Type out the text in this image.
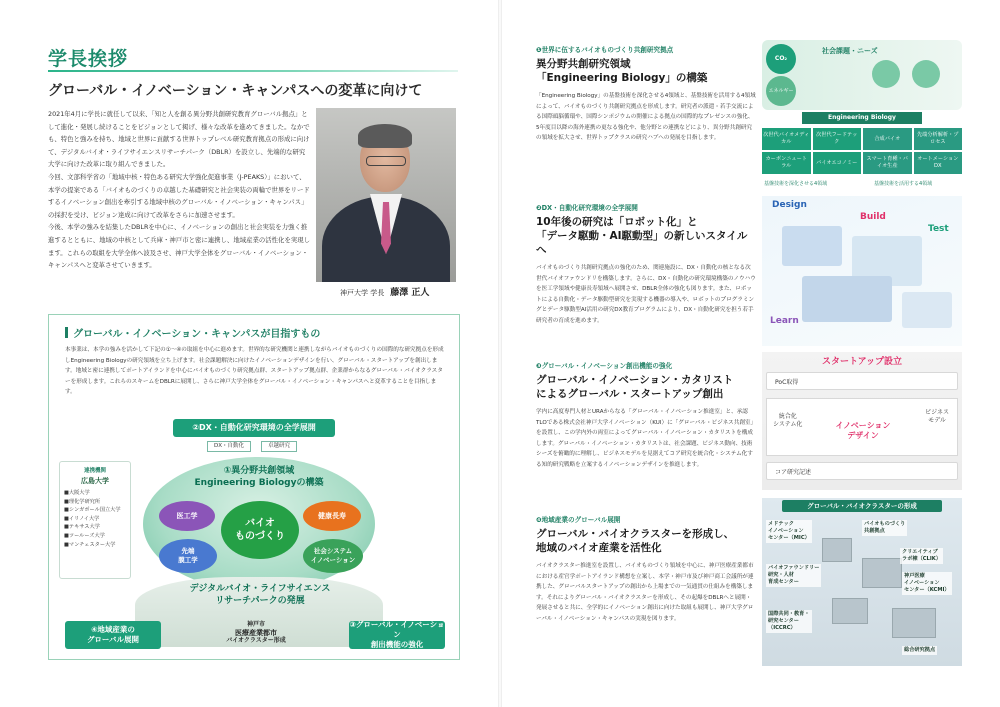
学長挨拶
グローバル・イノベーション・キャンパスへの変革に向けて

2021年4月に学長に就任して以来、「知と人を創る異分野共創研究教育グローバル拠点」として進化・発展し続けることをビジョンとして掲げ、様々な改革を進めてきました。なかでも、特色と強みを持ち、地域と世界に貢献する世界トップレベル研究教育拠点の形成に向けて、デジタルバイオ・ライフサイエンスリサーチパーク（DBLR）を設立し、先端的な研究大学に向けた改革に取り組んできました。

今回、文部科学省の「地域中核・特色ある研究大学強化促進事業（J-PEAKS）」において、本学の提案である「バイオものづくりの卓越した基礎研究と社会実装の両輪で世界をリードするイノベーション創出を牽引する地域中核のグローバル・イノベーション・キャンパス」の採択を受け、ビジョン達成に向けて改革をさらに加速させます。

今後、本学の強みを結集したDBLRを中心に、イノベーションの創出と社会実装を力強く推進するとともに、地域の中核として兵庫・神戸市と密に連携し、地域産業の活性化を実現します。これらの取組を大学全体へ波及させ、神戸大学全体をグローバル・イノベーション・キャンパスへと変革させていきます。

神戸大学 学長 藤澤 正人
グローバル・イノベーション・キャンパスが目指すもの
本事業は、本学の強みを活かして下記の①～④の取組を中心に進めます。世界的な研究機関と連携しながらバイオものづくりの国際的な研究拠点を形成しEngineering Biologyの研究領域を立ち上げます。社会課題解決に向けたイノベーションデザインを行い、グローバル・スタートアップを創出します。地域と密に連携してポートアイランドを中心にバイオものづくり研究拠点群、スタートアップ拠点群、企業群からなるグローバル・バイオクラスターを形成します。これらのスキームをDBLRに展開し、さらに神戸大学全体をグローバル・イノベーション・キャンパスへと変革することを目指します。
②DX・自動化研究環境の全学展開
DX・自動化	卓越研究
①異分野共創領域
Engineering Biologyの構築
医工学	健康長寿
先端
膜工学
社会システム
イノベーション
バイオ
ものづくり
デジタルバイオ・ライフサイエンス
リサーチパークの発展
④地域産業の
グローバル展開
③グローバル・イノベーション
創出機能の強化
神戸市
医療産業都市
バイオクラスター形成
連携機関
広島大学
■大阪大学
■理化学研究所
■シンガポール国立大学
■イリノイ大学
■テキサス大学
■ツールーズ大学
■マンチェスター大学
❶世界に伍するバイオものづくり共創研究拠点
異分野共創研究領域
「Engineering Biology」の構築
「Engineering Biology」の基盤技術を深化させる4領域と、基盤技術を活用する4領域によって、バイオものづくり共創研究拠点を形成します。研究者の派遣・若手交流による国際頭脳循環や、国際シンポジウムの開催による拠点の国際的なプレゼンスの強化、5年度目以降の海外連携の更なる強化や、他分野との連携などにより、異分野共創研究の領域を拡大させ、世界トップクラスの研究ハブへの発展を目指します。
❷DX・自動化研究環境の全学展開
10年後の研究は「ロボット化」と
「データ駆動・AI駆動型」の新しいスタイルへ
バイオものづくり共創研究拠点の強化のため、関連施設に、DX・自動化の核となる次世代バイオファウンドリを構築します。さらに、DX・自動化の研究環境構築のノウハウを医工学領域や健康長寿領域へ展開させ、DBLR全体の強化も図ります。また、ロボットによる自動化・データ駆動型研究を実現する機器の導入や、ロボットのプログラミングとデータ駆動型AI活用の研究DX教育プログラムにより、DX・自動化研究を担う若手研究者の育成を進めます。
❸グローバル・イノベーション創出機能の強化
グローバル・イノベーション・カタリスト
によるグローバル・スタートアップ創出
学内に高度専門人材とURAからなる「グローバル・イノベーション推進室」と、承認TLOである株式会社神戸大学イノベーション（KUI）に「グローバル・ビジネス共創室」を設置し、この学内外の両室によってグローバル・イノベーション・カタリストを構成します。グローバル・イノベーション・カタリストは、社会課題、ビジネス動向、技術シーズを俯瞰的に理解し、ビジネスモデルを見据えてコア研究を統合化・システム化する知的研究戦略を立案するイノベーションデザインを推進します。
❹地域産業のグローバル展開
グローバル・バイオクラスターを形成し、
地域のバイオ産業を活性化
バイオクラスター推進室を設置し、バイオものづくり領域を中心に、神戸医療産業都市における産官学ポートアイランド構想を立案し、本学・神戸市及び神戸商工会議所が連携した、グローバルスタートアップの創出から上場までの一気通貫の仕組みを構築します。それによりグローバル・バイオクラスターを形成し、その起爆をDBLRへと展開・発展させると共に、全学的にイノベーション創出に向けた取組も展開し、神戸大学グローバル・イノベーション・キャンパスの実現を図ります。
CO₂
エネルギー
社会課題・ニーズ
Engineering Biology
次世代バイオメディカル
次世代フードテック
合成バイオ
先端分析解析・プロセス
カーボンニュートラル
バイオエコノミー
スマート育種・バイオ生産
オートメーションDX
基盤技術を深化させる4領域	基盤技術を活用する4領域
Design
Build
Test
Learn
スタートアップ設立
PoC取得
統合化
システム化	イノベーション
デザイン
ビジネス
モデル
コア研究記述
グローバル・バイオクラスターの形成
メドテック
イノベーション
センター（MIC）
バイオものづくり
共創拠点
バイオファウンドリー
研究・人材
育成センター
クリエイティブ
ラボ棟（CLIK）
神戸医療
イノベーション
センター（KCMI）
国際共同・教育・
研究センター
（ICCRC）
総合研究拠点
